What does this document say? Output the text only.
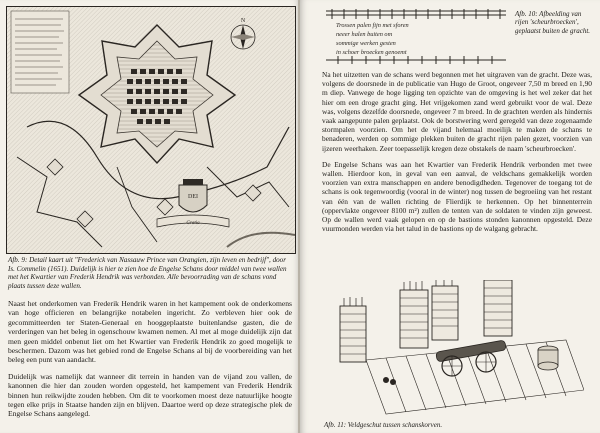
DEI
Gratia
N
Afb. 9: Detail kaart uit "Frederick van Nassauw Prince van Orangien, zijn leven en bedrijf", door Is. Commelin (1651). Duidelijk is hier te zien hoe de Engelse Schans door middel van twee wallen met het Kwartier van Frederik Hendrik was verbonden. Alle bevoorrading van de schans vond plaats tussen deze wallen.

Naast het onderkomen van Frederik Hendrik waren in het kampement ook de onderkomens van hoge officieren en belangrijke notabelen ingericht. Zo verbleven hier ook de gecommitteerden ter Staten-Generaal en hooggeplaatste buitenlandse gasten, die de verderingen van het beleg in ogenschouw kwamen nemen. Al met al moge duidelijk zijn dat men geen middel onbenut liet om het Kwartier van Frederik Hendrik zo goed mogelijk te beschermen. Dazom was het gebied rond de Engelse Schans al bij de voorbereiding van het beleg een punt van aandacht.

Duidelijk was namelijk dat wanneer dit terrein in handen van de vijand zou vallen, de kanonnen die hier dan zouden worden opgesteld, het kampement van Frederik Hendrik binnen hun reikwijdte zouden hebben. Om dit te voorkomen moest deze natuurlijke hoogte tegen elke prijs in Staatse handen zijn en blijven. Daartoe werd op deze strategische plek de Engelse Schans aangelegd.

Trossen palen fijn met sforen
neeer halen buiten om
sommige werken gesten
in schoer broecken genoemt
Afb. 10: Afbeelding van rijen 'scheurbroecken', geplaatst buiten de gracht.

Na het uitzetten van de schans werd begonnen met het uitgraven van de gracht. Deze was, volgens de doorsnede in de publicatie van Hugo de Groot, ongeveer 7,50 m breed en 1,90 m diep. Vanwege de hoge ligging ten opzichte van de omgeving is het wel zeker dat het hier om een droge gracht ging. Het vrijgekomen zand werd gebruikt voor de wal. Deze was, volgens dezelfde doorsnede, ongeveer 7 m breed. In de grachten werden als hindernis vaak aangepunte palen geplaatst. Ook de borstwering werd geregeld van deze zogenaamde stormpalen voorzien. Om het de vijand helemaal moeilijk te maken de schans te benaderen, werden op sommige plekken buiten de gracht rijen palen gezet, voorzien van ijzeren weerhaken. Zeer toepasselijk kregen deze obstakels de naam 'scheurbroecken'.

De Engelse Schans was aan het Kwartier van Frederik Hendrik verbonden met twee wallen. Hierdoor kon, in geval van een aanval, de veldschans gemakkelijk worden voorzien van extra manschappen en andere benodigdheden. Tegenover de toegang tot de schans is ook tegenwoordig (vooral in de winter) nog tussen de begroeiing van het restant van één van de wallen richting de Flierdijk te herkennen. Op het binnenterrein (oppervlakte ongeveer 8100 m²) zullen de tenten van de soldaten te vinden zijn geweest. Op de wallen werd vaak gelopen en op de bastions stonden kanonnen opgesteld. Deze vuurmonden werden via het talud in de bastions op de walgang gebracht.

Afb. 11: Veldgeschut tussen schanskorven.
